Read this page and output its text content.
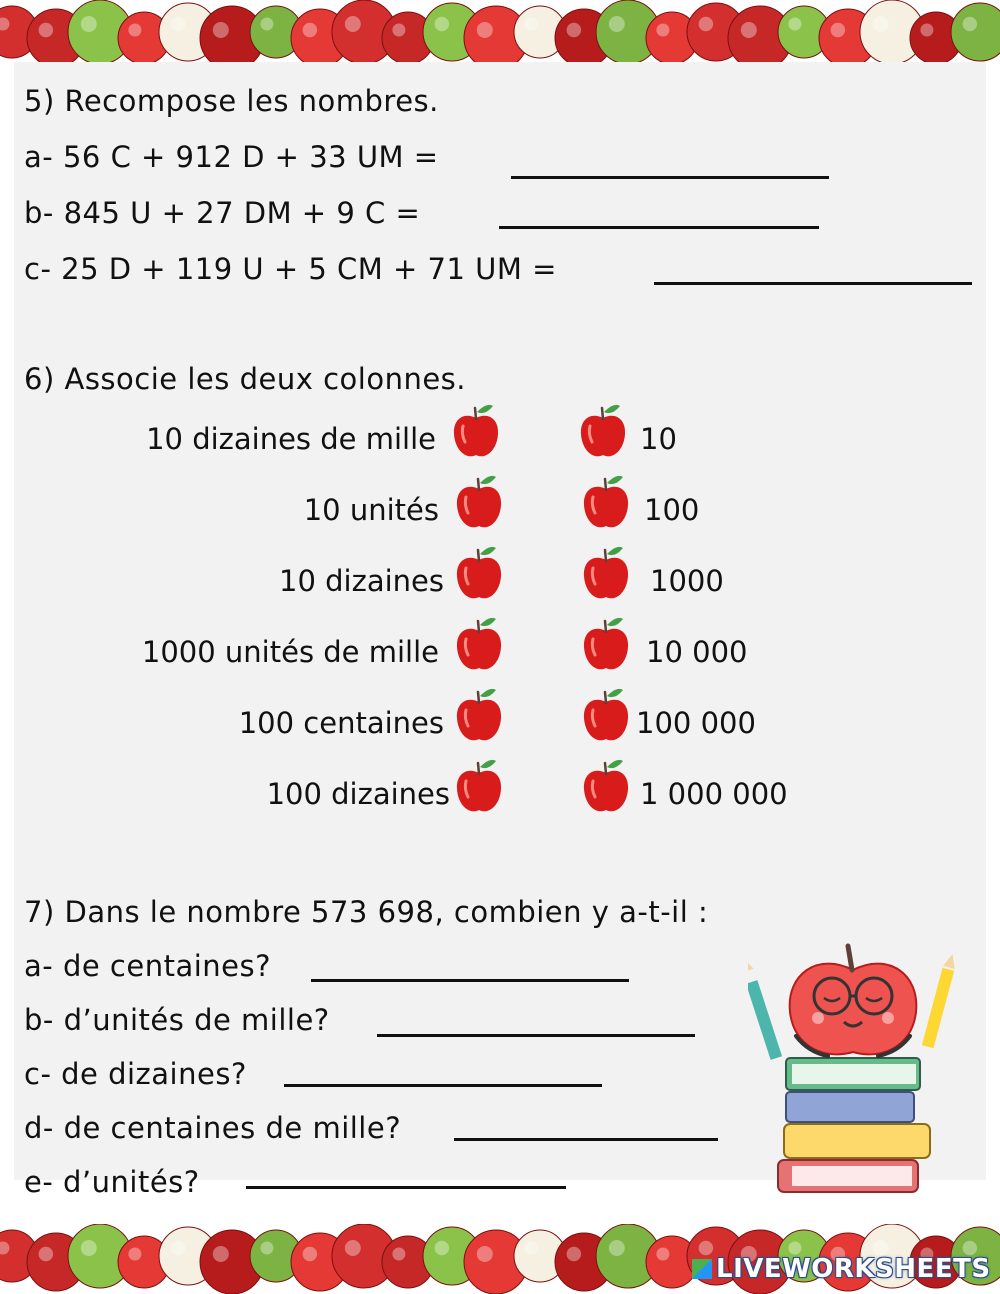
5) Recompose les nombres.
a- 56 C + 912 D + 33 UM =
b- 845 U + 27 DM + 9 C =
c- 25 D + 119 U + 5 CM + 71 UM =
6) Associe les deux colonnes.
10 dizaines de mille
10 unités
10 dizaines
1000 unités de mille
100 centaines
100 dizaines
10
100
1000
10 000
100 000
1 000 000
7) Dans le nombre 573 698, combien y a-t-il :
a- de centaines?
b- d’unités de mille?
c- de dizaines?
d- de centaines de mille?
e- d’unités?
LIVEWORKSHEETS
